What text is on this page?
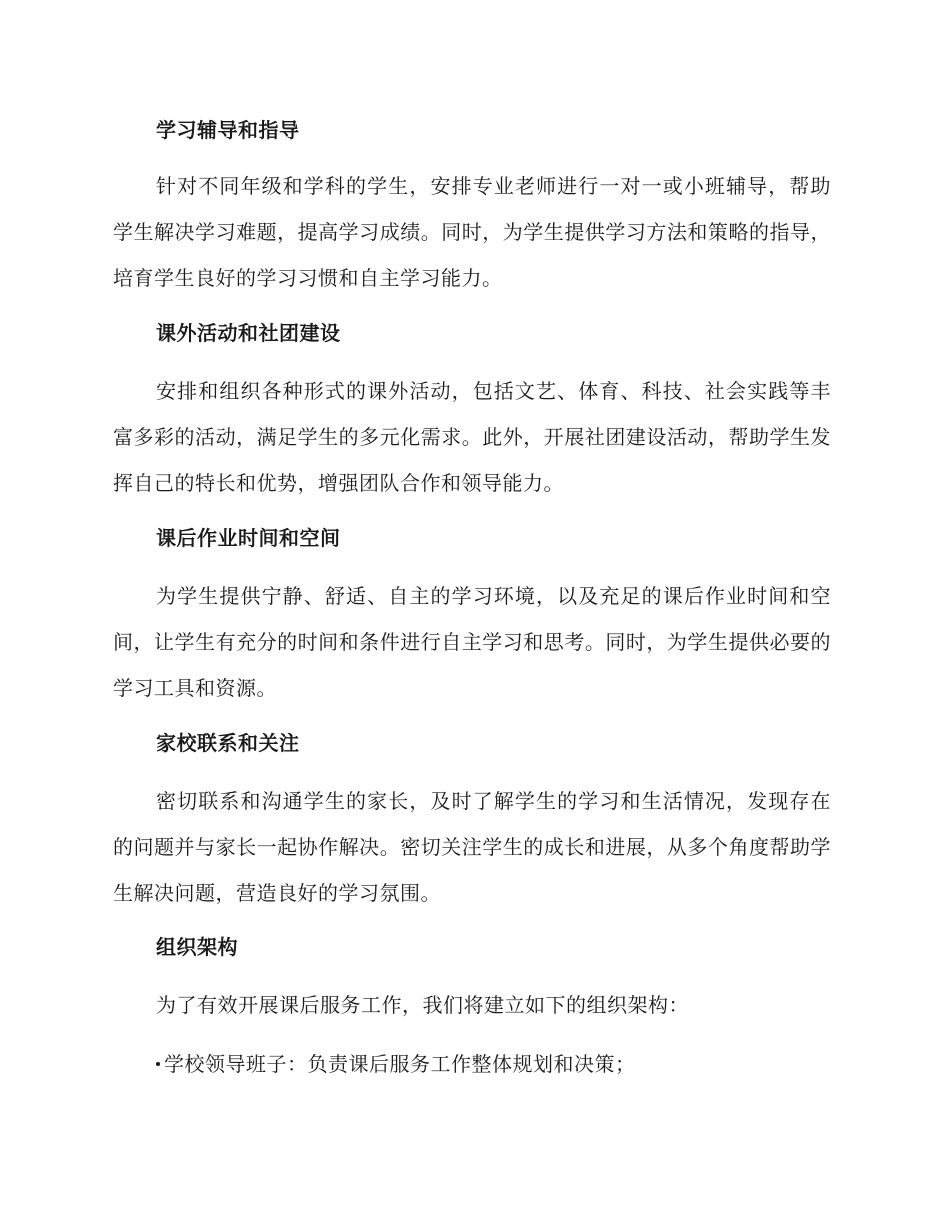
学习辅导和指导

针对不同年级和学科的学生，安排专业老师进行一对一或小班辅导，帮助学生解决学习难题，提高学习成绩。同时，为学生提供学习方法和策略的指导，培育学生良好的学习习惯和自主学习能力。

课外活动和社团建设

安排和组织各种形式的课外活动，包括文艺、体育、科技、社会实践等丰富多彩的活动，满足学生的多元化需求。此外，开展社团建设活动，帮助学生发挥自己的特长和优势，增强团队合作和领导能力。

课后作业时间和空间

为学生提供宁静、舒适、自主的学习环境，以及充足的课后作业时间和空间，让学生有充分的时间和条件进行自主学习和思考。同时，为学生提供必要的学习工具和资源。

家校联系和关注

密切联系和沟通学生的家长，及时了解学生的学习和生活情况，发现存在的问题并与家长一起协作解决。密切关注学生的成长和进展，从多个角度帮助学生解决问题，营造良好的学习氛围。

组织架构

为了有效开展课后服务工作，我们将建立如下的组织架构：

学校领导班子：负责课后服务工作整体规划和决策；
